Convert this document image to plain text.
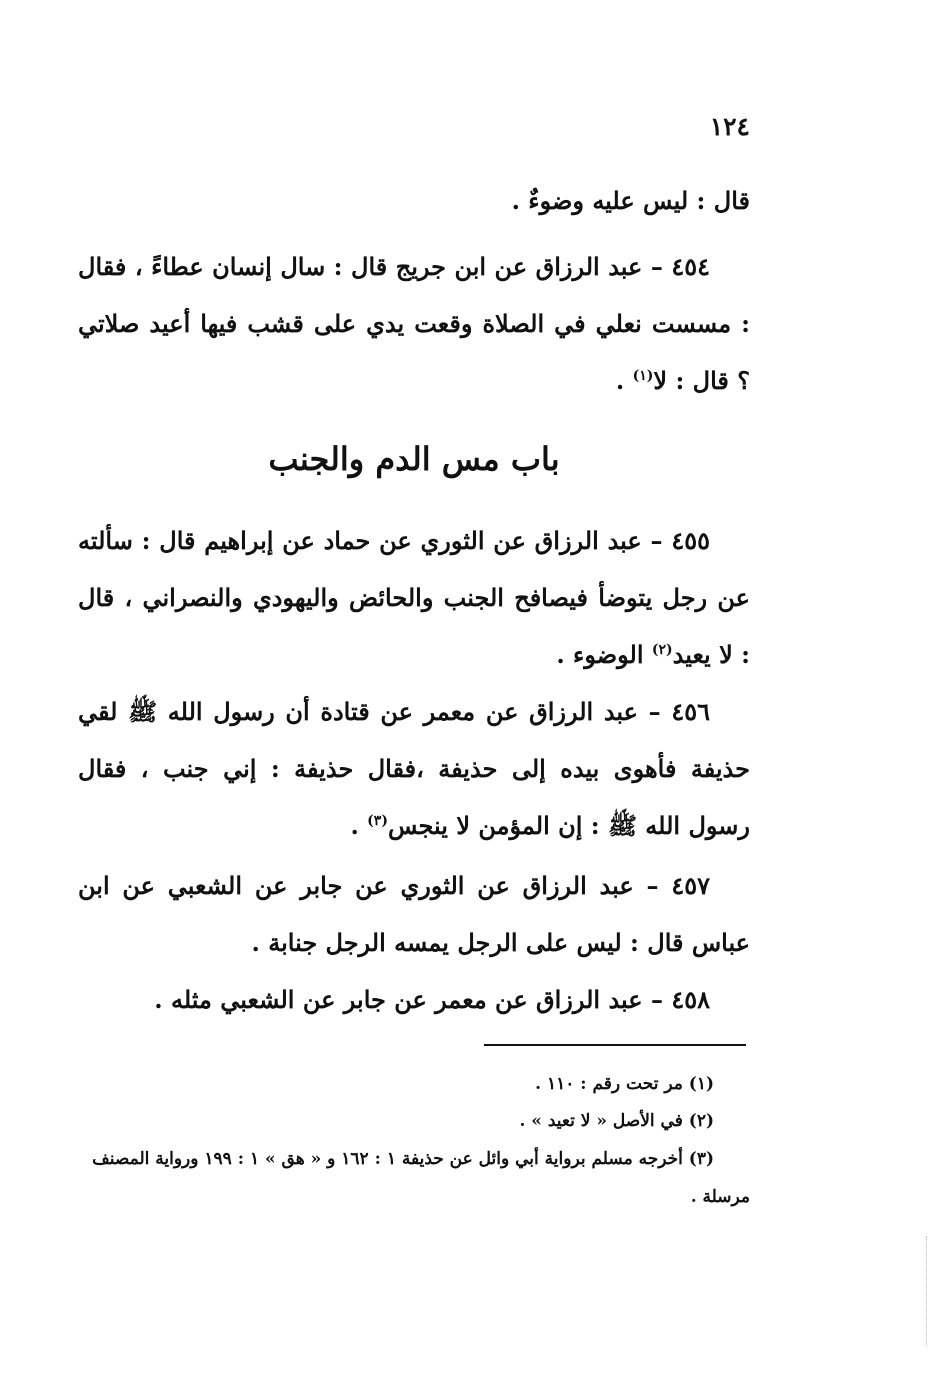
١٢٤

قال : ليس عليه وضوءٌ .

٤٥٤ – عبد الرزاق عن ابن جريج قال : سال إنسان عطاءً ، فقال : مسست نعلي في الصلاة وقعت يدي على قشب فيها أعيد صلاتي ؟ قال : لا$^{(١)}$ .

باب مس الدم والجنب

٤٥٥ – عبد الرزاق عن الثوري عن حماد عن إبراهيم قال : سألته عن رجل يتوضأ فيصافح الجنب والحائض واليهودي والنصراني ، قال : لا يعيد$^{(٢)}$ الوضوء .

٤٥٦ – عبد الرزاق عن معمر عن قتادة أن رسول الله ﷺ لقي حذيفة فأهوى بيده إلى حذيفة ،فقال حذيفة : إني جنب ، فقال رسول الله ﷺ : إن المؤمن لا ينجس$^{(٣)}$ .

٤٥٧ – عبد الرزاق عن الثوري عن جابر عن الشعبي عن ابن عباس قال : ليس على الرجل يمسه الرجل جنابة .

٤٥٨ – عبد الرزاق عن معمر عن جابر عن الشعبي مثله .

(١) مر تحت رقم : ١١٠ .

(٢) في الأصل « لا تعيد » .

(٣) أخرجه مسلم برواية أبي وائل عن حذيفة ١ : ١٦٢ و « هق » ١ : ١٩٩ ورواية المصنف مرسلة .
